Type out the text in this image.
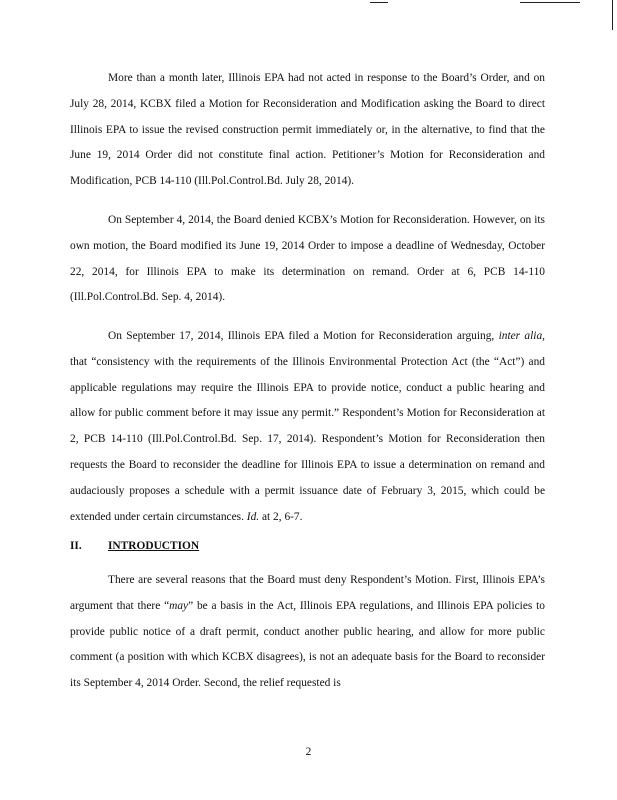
More than a month later, Illinois EPA had not acted in response to the Board’s Order, and on July 28, 2014, KCBX filed a Motion for Reconsideration and Modification asking the Board to direct Illinois EPA to issue the revised construction permit immediately or, in the alternative, to find that the June 19, 2014 Order did not constitute final action. Petitioner’s Motion for Reconsideration and Modification, PCB 14-110 (Ill.Pol.Control.Bd. July 28, 2014).

On September 4, 2014, the Board denied KCBX’s Motion for Reconsideration. However, on its own motion, the Board modified its June 19, 2014 Order to impose a deadline of Wednesday, October 22, 2014, for Illinois EPA to make its determination on remand. Order at 6, PCB 14-110 (Ill.Pol.Control.Bd. Sep. 4, 2014).

On September 17, 2014, Illinois EPA filed a Motion for Reconsideration arguing, inter alia, that “consistency with the requirements of the Illinois Environmental Protection Act (the “Act”) and applicable regulations may require the Illinois EPA to provide notice, conduct a public hearing and allow for public comment before it may issue any permit.” Respondent’s Motion for Reconsideration at 2, PCB 14-110 (Ill.Pol.Control.Bd. Sep. 17, 2014). Respondent’s Motion for Reconsideration then requests the Board to reconsider the deadline for Illinois EPA to issue a determination on remand and audaciously proposes a schedule with a permit issuance date of February 3, 2015, which could be extended under certain circumstances. Id. at 2, 6-7.

II. INTRODUCTION

There are several reasons that the Board must deny Respondent’s Motion. First, Illinois EPA’s argument that there “may” be a basis in the Act, Illinois EPA regulations, and Illinois EPA policies to provide public notice of a draft permit, conduct another public hearing, and allow for more public comment (a position with which KCBX disagrees), is not an adequate basis for the Board to reconsider its September 4, 2014 Order. Second, the relief requested is

2
